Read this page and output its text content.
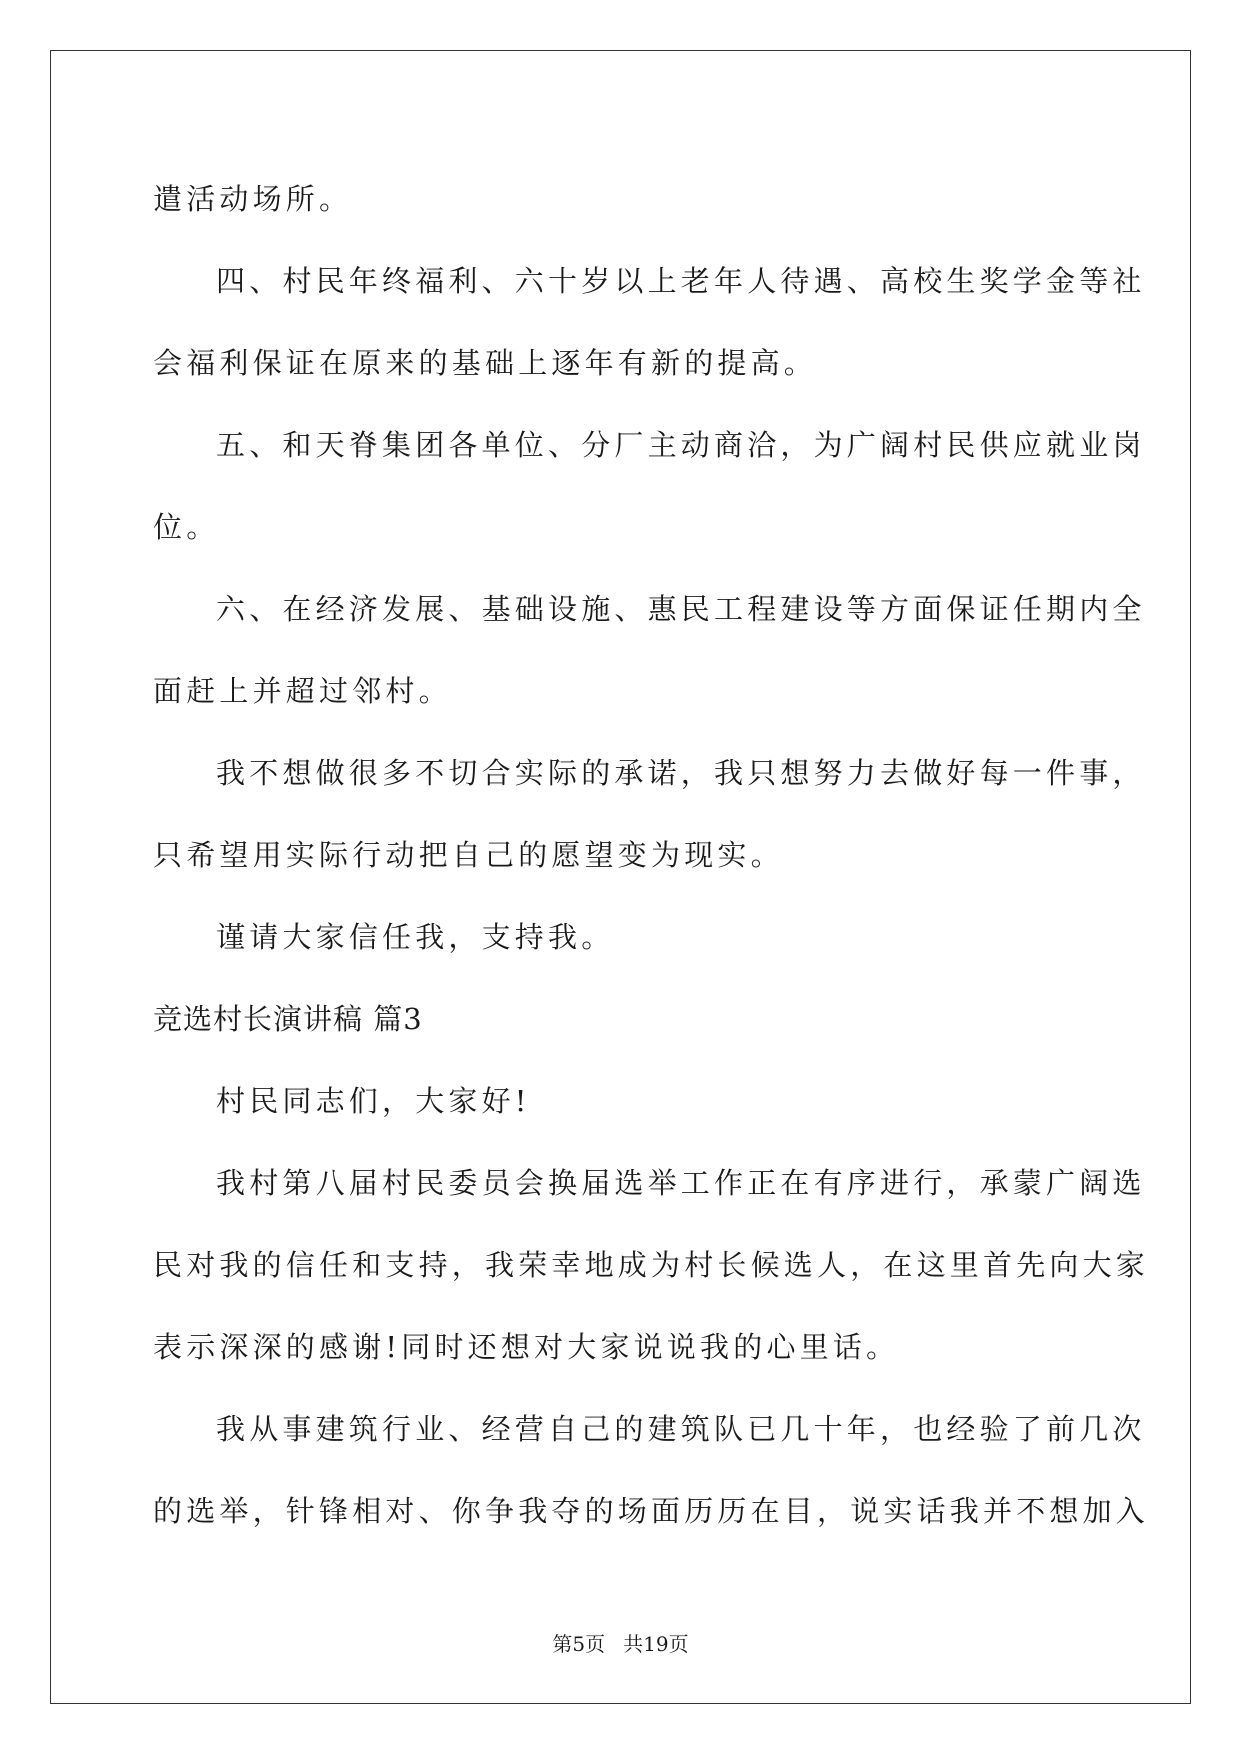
遣活动场所。
四、村民年终福利、六十岁以上老年人待遇、高校生奖学金等社
会福利保证在原来的基础上逐年有新的提高。
五、和天脊集团各单位、分厂主动商洽，为广阔村民供应就业岗
位。
六、在经济发展、基础设施、惠民工程建设等方面保证任期内全
面赶上并超过邻村。
我不想做很多不切合实际的承诺，我只想努力去做好每一件事，
只希望用实际行动把自己的愿望变为现实。
谨请大家信任我，支持我。
竞选村长演讲稿 篇3
村民同志们，大家好!
我村第八届村民委员会换届选举工作正在有序进行，承蒙广阔选
民对我的信任和支持，我荣幸地成为村长候选人，在这里首先向大家
表示深深的感谢!同时还想对大家说说我的心里话。
我从事建筑行业、经营自己的建筑队已几十年，也经验了前几次
的选举，针锋相对、你争我夺的场面历历在目，说实话我并不想加入
第5页 共19页
